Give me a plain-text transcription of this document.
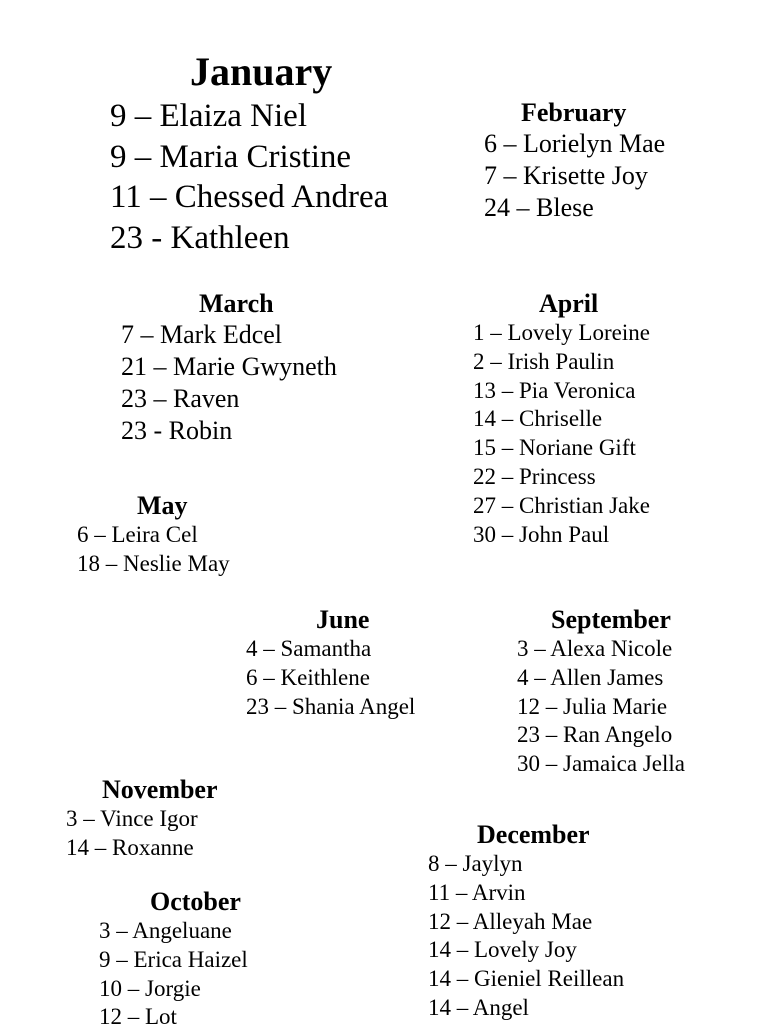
January
9 – Elaiza Niel
9 – Maria Cristine
11 – Chessed Andrea
23 - Kathleen
February
6 – Lorielyn Mae
7 – Krisette Joy
24 – Blese
March
7 – Mark Edcel
21 – Marie Gwyneth
23 – Raven
23 - Robin
April
1 – Lovely Loreine
2 – Irish Paulin
13 – Pia Veronica
14 – Chriselle
15 – Noriane Gift
22 – Princess
27 – Christian Jake
30 – John Paul
May
6 – Leira Cel
18 – Neslie May
June
4 – Samantha
6 – Keithlene
23 – Shania Angel
September
3 – Alexa Nicole
4 – Allen James
12 – Julia Marie
23 – Ran Angelo
30 – Jamaica Jella
November
3 – Vince Igor
14 – Roxanne	December
8 – Jaylyn
11 – Arvin
12 – Alleyah Mae
14 – Lovely Joy
14 – Gieniel Reillean
14 – Angel
October
3 – Angeluane
9 – Erica Haizel
10 – Jorgie
12 – Lot
